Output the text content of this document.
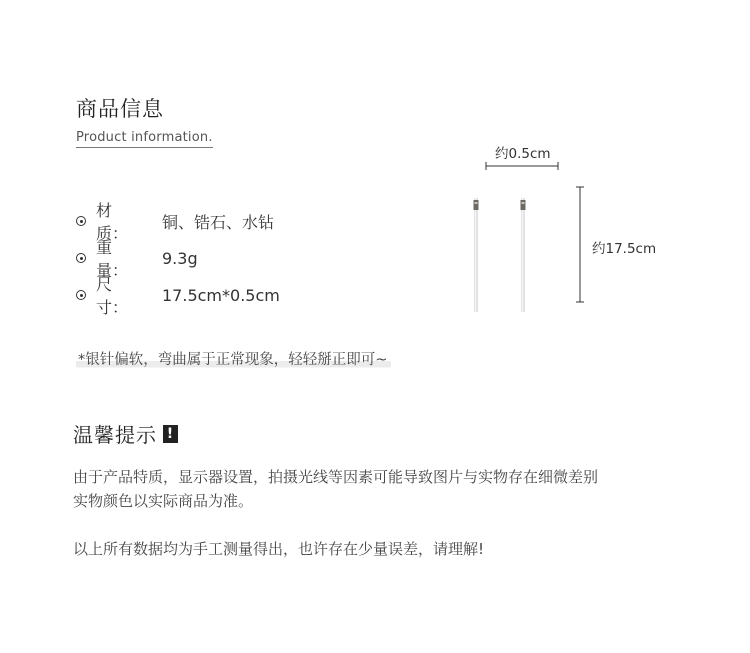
商品信息
Product information.
材质：
铜、锆石、水钻
重量：
9.3g
尺寸：
17.5cm*0.5cm
约0.5cm
约17.5cm
*银针偏软，弯曲属于正常现象，轻轻掰正即可~
温馨提示 !
由于产品特质，显示器设置，拍摄光线等因素可能导致图片与实物存在细微差别
实物颜色以实际商品为准。
以上所有数据均为手工测量得出，也许存在少量误差，请理解!
